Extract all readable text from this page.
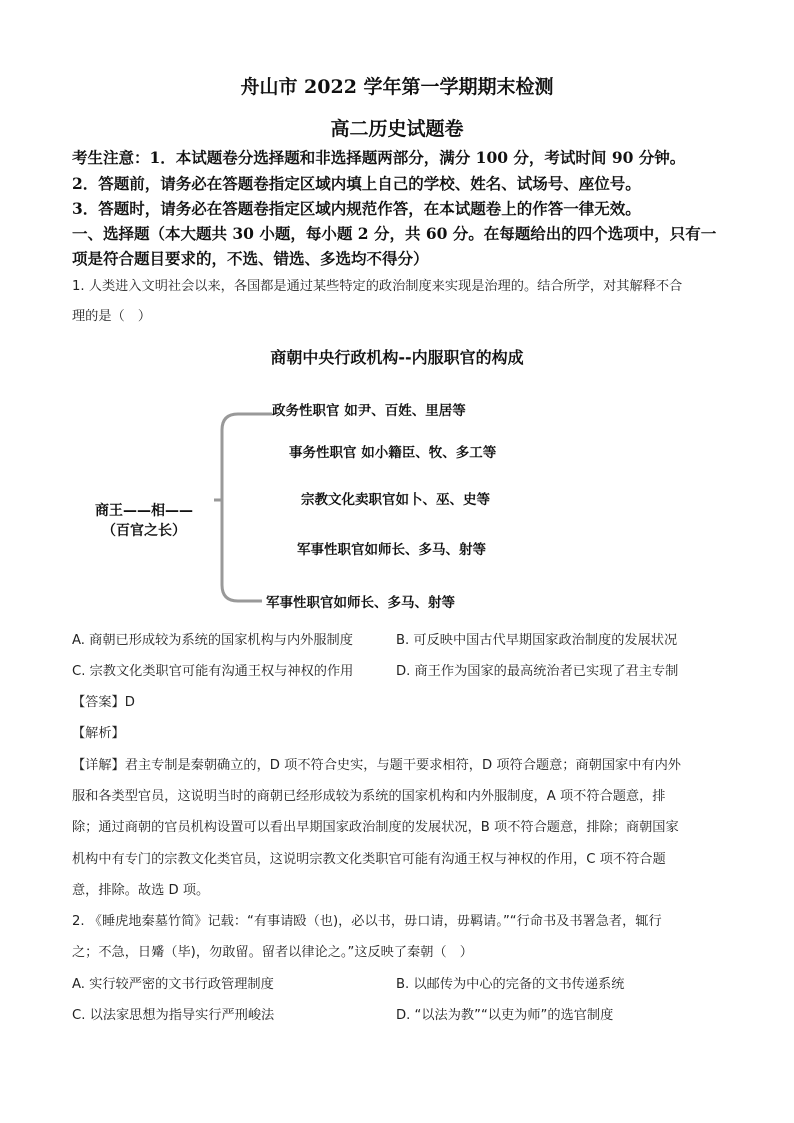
舟山市 2022 学年第一学期期末检测
高二历史试题卷
考生注意：1．本试题卷分选择题和非选择题两部分，满分 100 分，考试时间 90 分钟。
2．答题前，请务必在答题卷指定区域内填上自己的学校、姓名、试场号、座位号。
3．答题时，请务必在答题卷指定区域内规范作答，在本试题卷上的作答一律无效。
一、选择题（本大题共 30 小题，每小题 2 分，共 60 分。在每题给出的四个选项中，只有一
项是符合题目要求的，不选、错选、多选均不得分）
1. 人类进入文明社会以来，各国都是通过某些特定的政治制度来实现是治理的。结合所学，对其解释不合
理的是（　）
商朝中央行政机构--内服职官的构成
商王——相——
（百官之长）
政务性职官 如尹、百姓、里居等
事务性职官 如小籍臣、牧、多工等
宗教文化卖职官如卜、巫、史等
军事性职官如师长、多马、射等
军事性职官如师长、多马、射等
A. 商朝已形成较为系统的国家机构与内外服制度	B. 可反映中国古代早期国家政治制度的发展状况
C. 宗教文化类职官可能有沟通王权与神权的作用	D. 商王作为国家的最高统治者已实现了君主专制
【答案】D
【解析】
【详解】君主专制是秦朝确立的，D 项不符合史实，与题干要求相符，D 项符合题意；商朝国家中有内外
服和各类型官员，这说明当时的商朝已经形成较为系统的国家机构和内外服制度，A 项不符合题意，排
除；通过商朝的官员机构设置可以看出早期国家政治制度的发展状况，B 项不符合题意，排除；商朝国家
机构中有专门的宗教文化类官员，这说明宗教文化类职官可能有沟通王权与神权的作用，C 项不符合题
意，排除。故选 D 项。
2. 《睡虎地秦墓竹简》记载：“有事请殹（也)，必以书，毋口请，毋羁请。”“行命书及书署急者，辄行
之；不急，日觱（毕)，勿敢留。留者以律论之。”这反映了秦朝（　）
A. 实行较严密的文书行政管理制度	B. 以邮传为中心的完备的文书传递系统
C. 以法家思想为指导实行严刑峻法	D. “以法为教”“以吏为师”的选官制度
